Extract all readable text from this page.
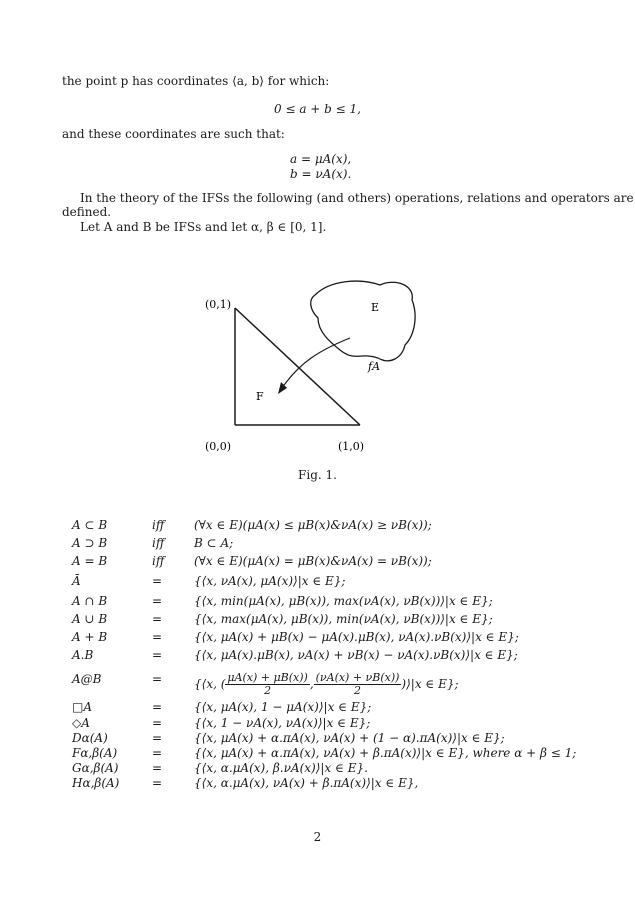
the point p has coordinates ⟨a, b⟩ for which:
0 ≤ a + b ≤ 1,
and these coordinates are such that:
a = μA(x),
b = νA(x).
In the theory of the IFSs the following (and others) operations, relations and operators are
defined.
Let A and B be IFSs and let α, β ∈ [0, 1].
(0,1)
(0,0)	(1,0)
E
F
fA
Fig. 1.
A ⊂ B	iff	(∀x ∈ E)(μA(x) ≤ μB(x)&νA(x) ≥ νB(x));
A ⊃ B	iff	B ⊂ A;
A = B	iff	(∀x ∈ E)(μA(x) = μB(x)&νA(x) = νB(x));
Ā	=	{⟨x, νA(x), μA(x)⟩|x ∈ E};
A ∩ B	=	{⟨x, min(μA(x), μB(x)), max(νA(x), νB(x))⟩|x ∈ E};
A ∪ B	=	{⟨x, max(μA(x), μB(x)), min(νA(x), νB(x))⟩|x ∈ E};
A + B	=	{⟨x, μA(x) + μB(x) − μA(x).μB(x), νA(x).νB(x)⟩|x ∈ E};
A.B	=	{⟨x, μA(x).μB(x), νA(x) + νB(x) − νA(x).νB(x)⟩|x ∈ E};
A@B	=	{⟨x, ( $\frac{\mu A(x) + \mu B(x))}{2}$ , $\frac{(\nu A(x) + \nu B(x))}{2}$ )⟩|x ∈ E};
□A	=	{⟨x, μA(x), 1 − μA(x)⟩|x ∈ E};
◇A	=	{⟨x, 1 − νA(x), νA(x)⟩|x ∈ E};
Dα(A)	=	{⟨x, μA(x) + α.πA(x), νA(x) + (1 − α).πA(x)⟩|x ∈ E};
Fα,β(A)	=	{⟨x, μA(x) + α.πA(x), νA(x) + β.πA(x)⟩|x ∈ E}, where α + β ≤ 1;
Gα,β(A)	=	{⟨x, α.μA(x), β.νA(x)⟩|x ∈ E}.
Hα,β(A)	=	{⟨x, α.μA(x), νA(x) + β.πA(x)⟩|x ∈ E},
2
